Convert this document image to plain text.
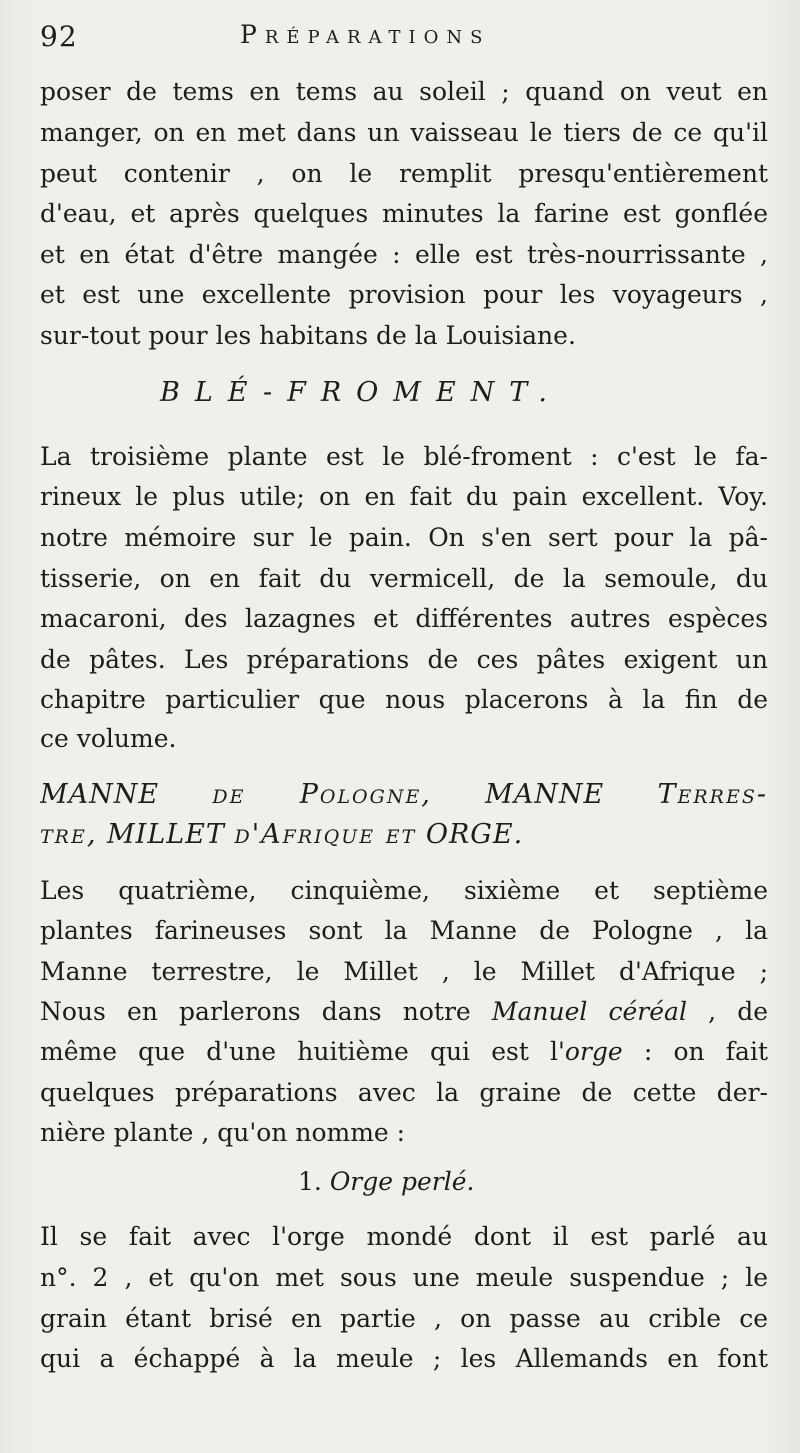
92	Préparations
poser de tems en tems au soleil ; quand on veut en
manger, on en met dans un vaisseau le tiers de ce qu'il
peut contenir , on le remplit presqu'entièrement
d'eau, et après quelques minutes la farine est gonflée
et en état d'être mangée : elle est très-nourrissante ,
et est une excellente provision pour les voyageurs ,
sur-tout pour les habitans de la Louisiane.
BLÉ-FROMENT.
La troisième plante est le blé-froment : c'est le fa-
rineux le plus utile; on en fait du pain excellent. Voy.
notre mémoire sur le pain. On s'en sert pour la pâ-
tisserie, on en fait du vermicell, de la semoule, du
macaroni, des lazagnes et différentes autres espèces
de pâtes. Les préparations de ces pâtes exigent un
chapitre particulier que nous placerons à la fin de
ce volume.
MANNE de Pologne, MANNE Terres-
tre, MILLET d'Afrique et ORGE.
Les quatrième, cinquième, sixième et septième
plantes farineuses sont la Manne de Pologne , la
Manne terrestre, le Millet , le Millet d'Afrique ;
Nous en parlerons dans notre Manuel céréal , de
même que d'une huitième qui est l'orge : on fait
quelques préparations avec la graine de cette der-
nière plante , qu'on nomme :
1. Orge perlé.
Il se fait avec l'orge mondé dont il est parlé au
n°. 2 , et qu'on met sous une meule suspendue ; le
grain étant brisé en partie , on passe au crible ce
qui a échappé à la meule ; les Allemands en font
